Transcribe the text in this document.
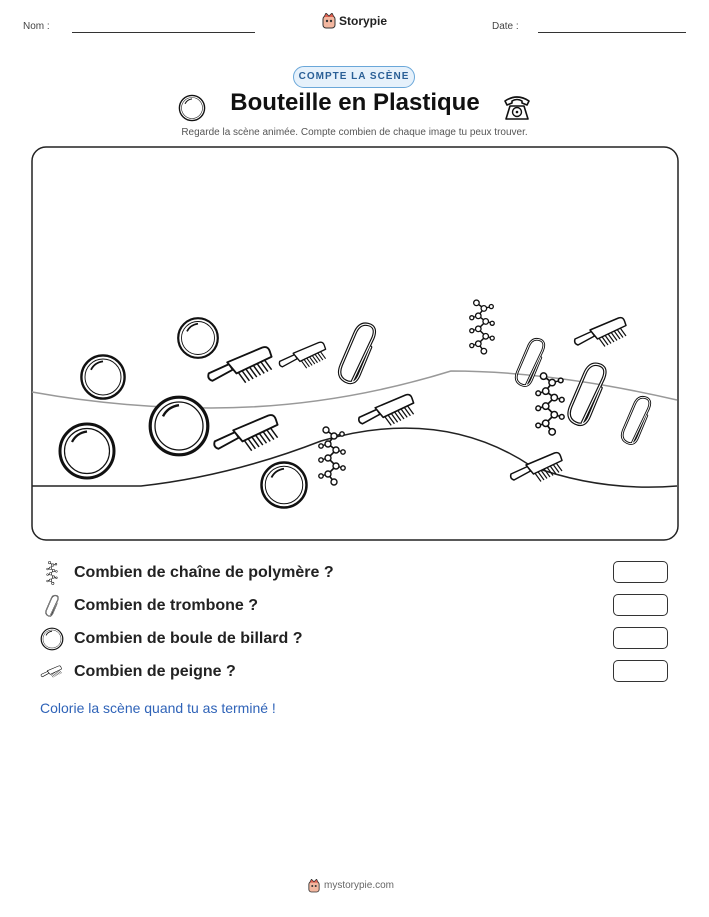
Nom :	Storypie	Date :
COMPTE LA SCÈNE
Bouteille en Plastique
Regarde la scène animée. Compte combien de chaque image tu peux trouver.
Combien de chaîne de polymère ?
Combien de trombone ?
Combien de boule de billard ?
Combien de peigne ?
Colorie la scène quand tu as terminé !
mystorypie.com
